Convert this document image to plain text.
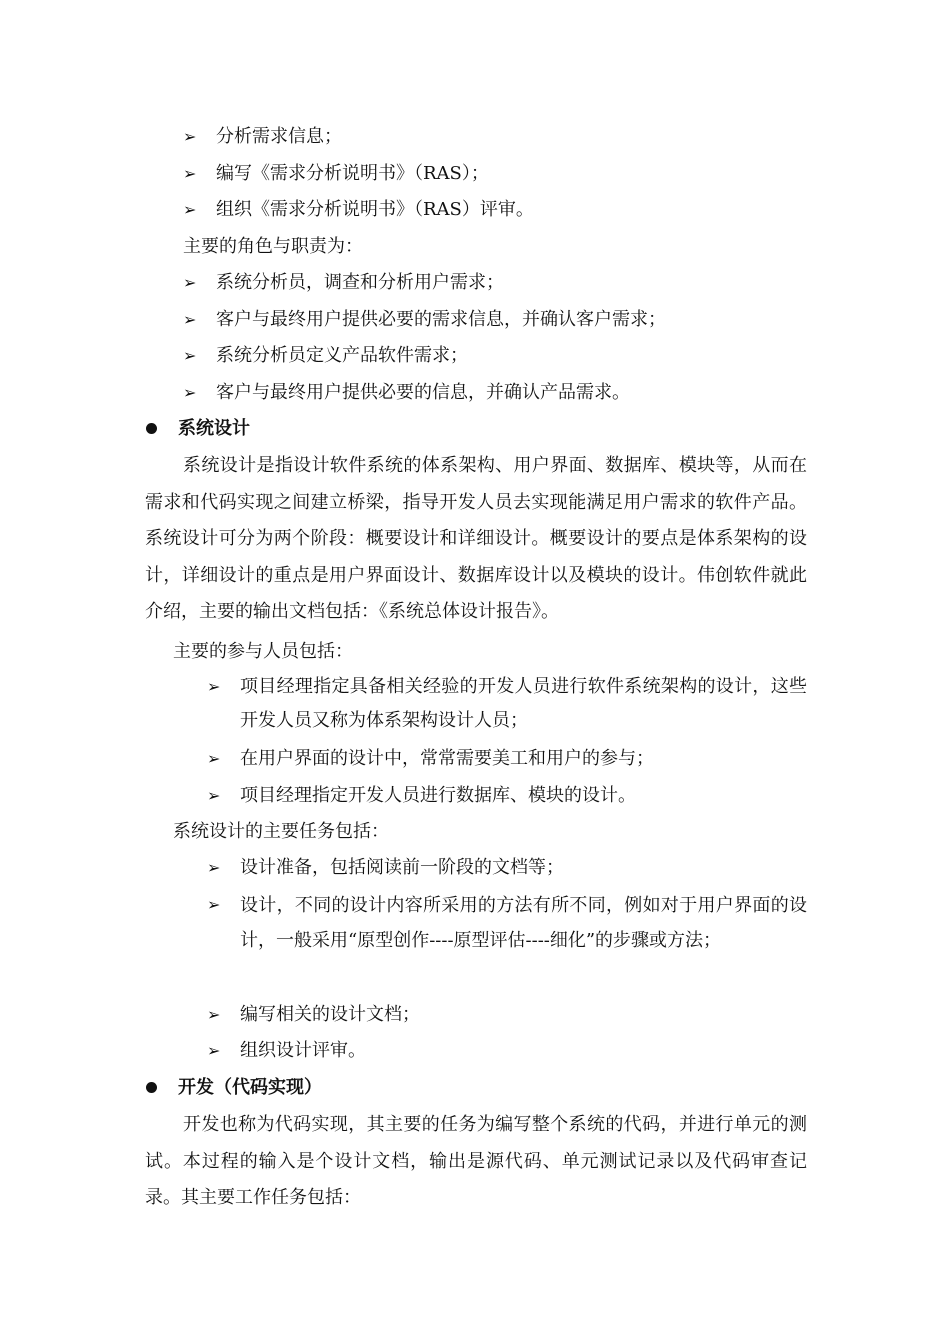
➢ 分析需求信息；
➢ 编写《需求分析说明书》（RAS）；
➢ 组织《需求分析说明书》（RAS）评审。
主要的角色与职责为：
➢ 系统分析员，调查和分析用户需求；
➢ 客户与最终用户提供必要的需求信息，并确认客户需求；
➢ 系统分析员定义产品软件需求；
➢ 客户与最终用户提供必要的信息，并确认产品需求。
系统设计
系统设计是指设计软件系统的体系架构、用户界面、数据库、模块等，从而在需求和代码实现之间建立桥梁，指导开发人员去实现能满足用户需求的软件产品。系统设计可分为两个阶段：概要设计和详细设计。概要设计的要点是体系架构的设计，详细设计的重点是用户界面设计、数据库设计以及模块的设计。伟创软件就此介绍，主要的输出文档包括：《系统总体设计报告》。
主要的参与人员包括：
➢ 项目经理指定具备相关经验的开发人员进行软件系统架构的设计，这些开发人员又称为体系架构设计人员；
➢ 在用户界面的设计中，常常需要美工和用户的参与；
➢ 项目经理指定开发人员进行数据库、模块的设计。
系统设计的主要任务包括：
➢ 设计准备，包括阅读前一阶段的文档等；
➢ 设计，不同的设计内容所采用的方法有所不同，例如对于用户界面的设计，一般采用“原型创作----原型评估----细化”的步骤或方法；
➢ 编写相关的设计文档；
➢ 组织设计评审。
开发（代码实现）
开发也称为代码实现，其主要的任务为编写整个系统的代码，并进行单元的测试。本过程的输入是个设计文档，输出是源代码、单元测试记录以及代码审查记录。其主要工作任务包括：
